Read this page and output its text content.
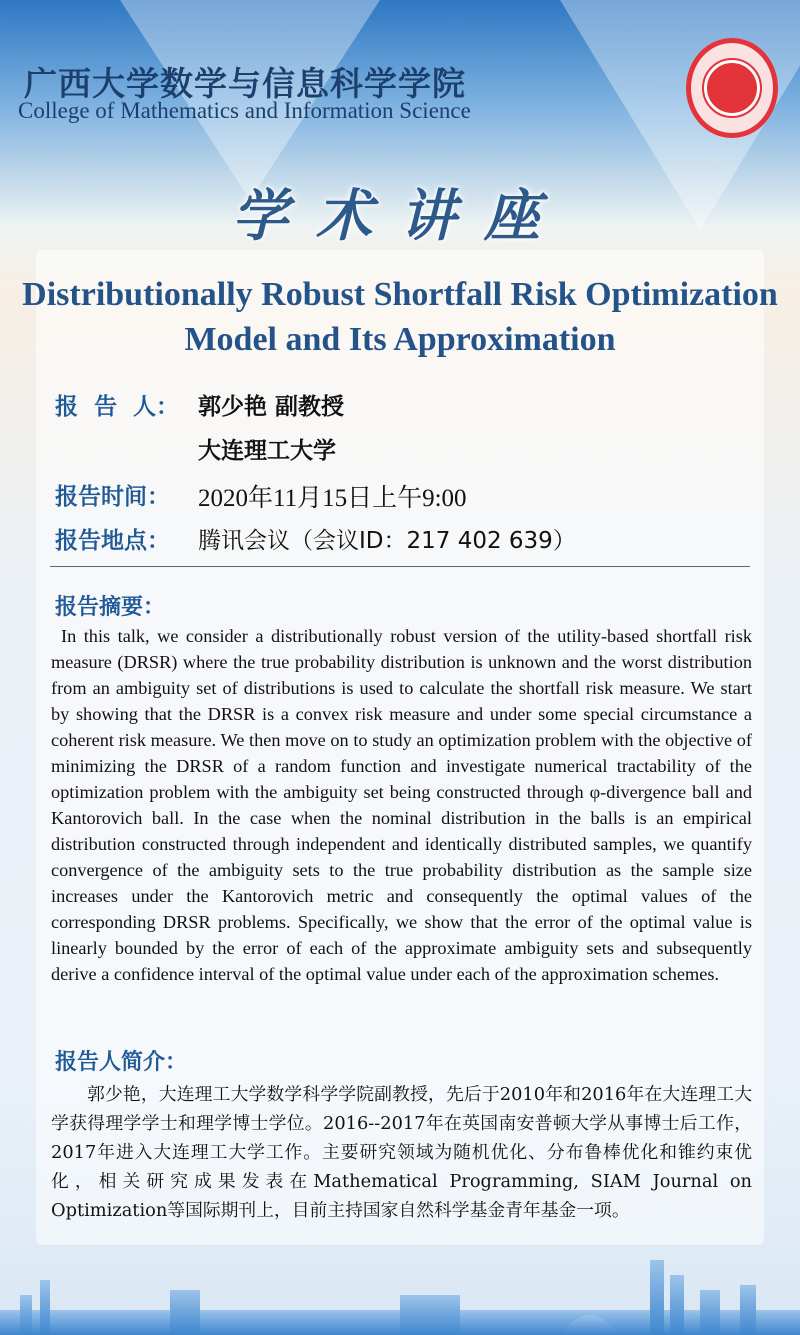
广西大学数学与信息科学学院
College of Mathematics and Information Science
学术讲座
Distributionally Robust Shortfall Risk Optimization Model and Its Approximation
报  告  人： 郭少艳 副教授
大连理工大学
报告时间： 2020年11月15日上午9:00
报告地点： 腾讯会议（会议ID：217 402 639）
报告摘要：
In this talk, we consider a distributionally robust version of the utility-based shortfall risk measure (DRSR) where the true probability distribution is unknown and the worst distribution from an ambiguity set of distributions is used to calculate the shortfall risk measure. We start by showing that the DRSR is a convex risk measure and under some special circumstance a coherent risk measure. We then move on to study an optimization problem with the objective of minimizing the DRSR of a random function and investigate numerical tractability of the optimization problem with the ambiguity set being constructed through φ-divergence ball and Kantorovich ball. In the case when the nominal distribution in the balls is an empirical distribution constructed through independent and identically distributed samples, we quantify convergence of the ambiguity sets to the true probability distribution as the sample size increases under the Kantorovich metric and consequently the optimal values of the corresponding DRSR problems. Specifically, we show that the error of the optimal value is linearly bounded by the error of each of the approximate ambiguity sets and subsequently derive a confidence interval of the optimal value under each of the approximation schemes.
报告人简介：
郭少艳，大连理工大学数学科学学院副教授，先后于2010年和2016年在大连理工大学获得理学学士和理学博士学位。2016--2017年在英国南安普顿大学从事博士后工作，2017年进入大连理工大学工作。主要研究领域为随机优化、分布鲁棒优化和锥约束优化，相关研究成果发表在Mathematical Programming, SIAM Journal on Optimization等国际期刊上，目前主持国家自然科学基金青年基金一项。
